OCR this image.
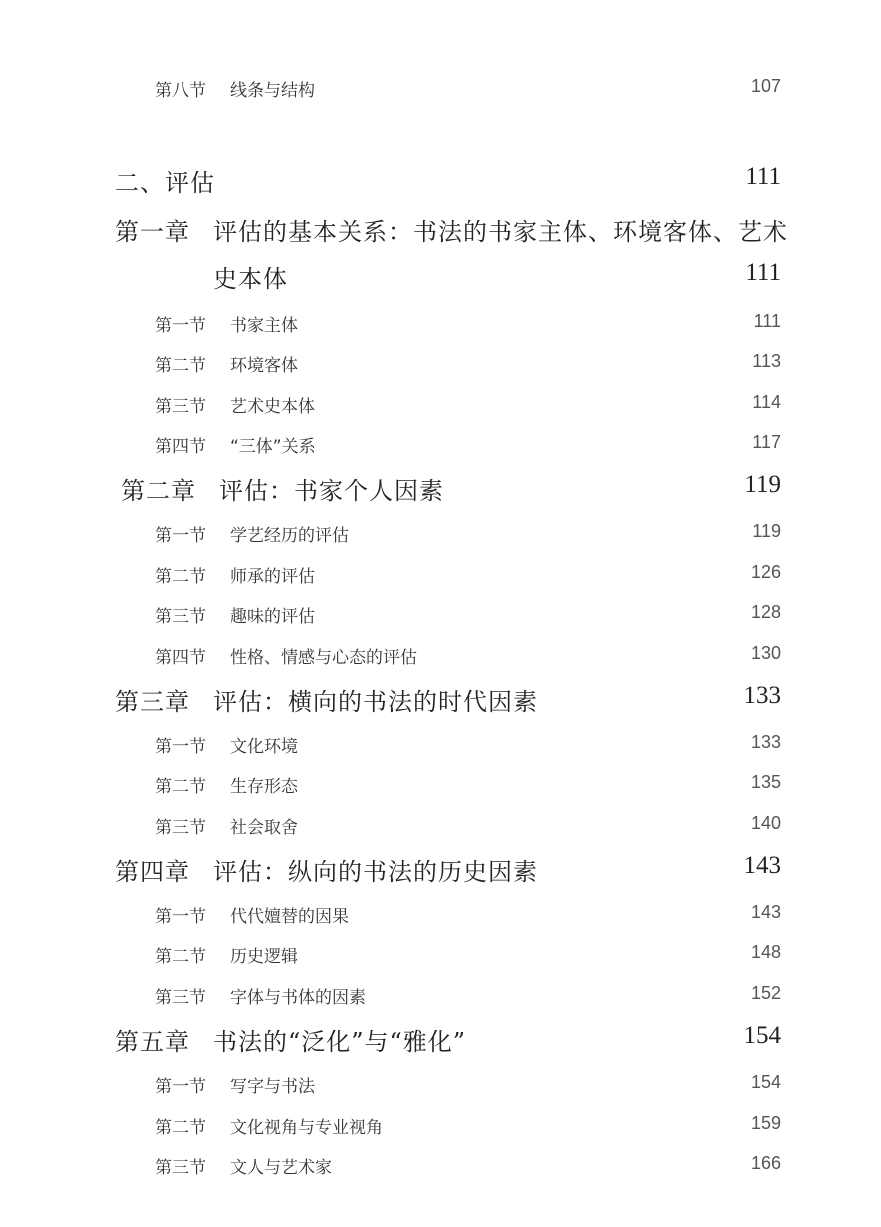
第八节 线条与结构	107
二、评估	111
第一章 评估的基本关系：书法的书家主体、环境客体、艺术
史本体	111
第一节 书家主体	111
第二节 环境客体	113
第三节 艺术史本体	114
第四节 “三体”关系	117
第二章 评估：书家个人因素	119
第一节 学艺经历的评估	119
第二节 师承的评估	126
第三节 趣味的评估	128
第四节 性格、情感与心态的评估	130
第三章 评估：横向的书法的时代因素	133
第一节 文化环境	133
第二节 生存形态	135
第三节 社会取舍	140
第四章 评估：纵向的书法的历史因素	143
第一节 代代嬗替的因果	143
第二节 历史逻辑	148
第三节 字体与书体的因素	152
第五章 书法的“泛化”与“雅化”	154
第一节 写字与书法	154
第二节 文化视角与专业视角	159
第三节 文人与艺术家	166
